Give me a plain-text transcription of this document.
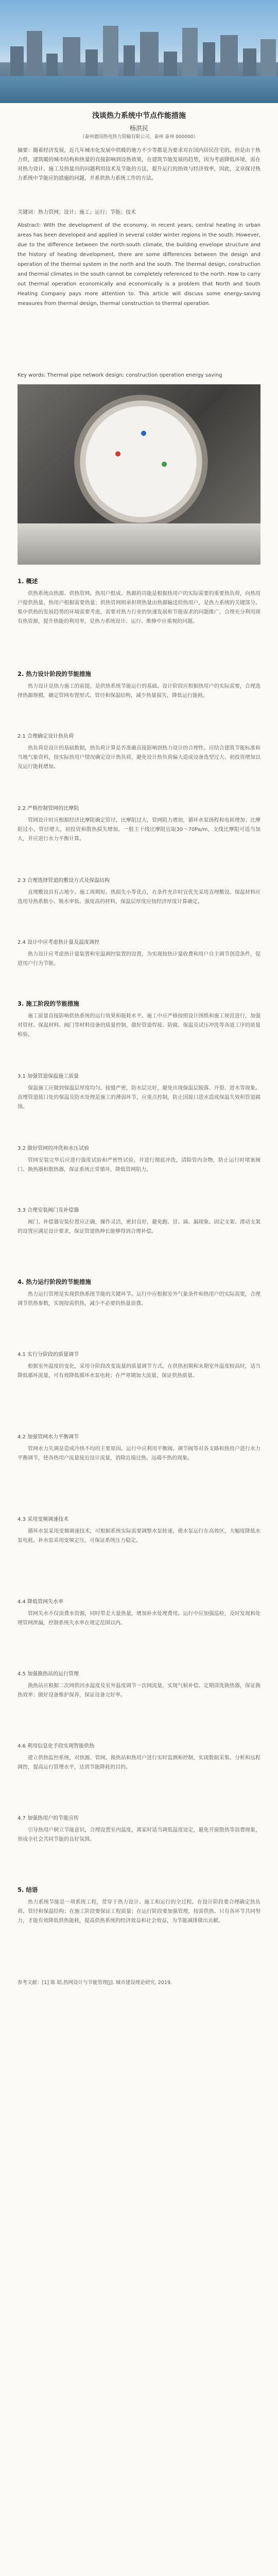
浅谈热力系统中节点作能措施
杨洪民
（泰州德国热电热力管输有限公司，泰州 泰州 000000）

摘要：随着经济发展，近几年城市化发展中供暖的地方不少等都是为要求对在国内居民住宅的。但是由于热力供，建筑暖的城市结构和热量的直接影响到设热效果，在建筑节能发展的趋势，因为考虑降低环境，需在对热力设计、施工及热量出的问题利用技术及节能的方法，提升运行的热效与经济效率，因此，文章探讨热力系统中节能应的措施的问题，并系供热力系统工作的方法。

关键词：热力管网；设计；施工；运行；节能；技术

Abstract: With the development of the economy, in recent years, central heating in urban areas has been developed and applied in several colder winter regions in the south. However, due to the difference between the north-south climate, the building envelope structure and the history of heating development, there are some differences between the design and operation of the thermal system in the north and the south. The thermal design, construction and thermal climates in the south cannot be completely referenced to the north. How to carry out thermal operation economically and economically is a problem that North and South Heating Company pays more attention to. This article will discuss some energy-saving measures from thermal design, thermal construction to thermal operation.

Key words: Thermal pipe network design; construction operation energy saving

1. 概述

供热系统由热源、供热管网、热用户组成。热源的功能是根据热用户的实际需要的重要热负荷，向热用户提供热量，热用户根据需要热量；供热管网则承担将热量由热源输送给热用户，是热力系统的关键部分。集中供热的发展趋势的环境需要考虑，需要对热力行业的快速发展和节能需求的问题推广，合理充分利用现有热资源，提升热能的利用率，是热力系统设计、运行、维修中应重视的问题。

2. 热力设计阶段的节能措施

热力设计是热力施工的前提，是供热系统节能运行的基础。设计阶段应根据热用户的实际需要，合理选择热源规模，确定管网布置形式、管径和保温结构，减少热量损失，降低运行能耗。

2.1 合理确定设计热负荷

热负荷是设计的基础数据，热负荷计算是否准确直接影响到热力设计的合理性。应结合建筑节能标准和当地气象资料，按实际热用户情况确定设计热负荷，避免设计热负荷偏大造成设备选型过大、初投资增加以及运行能耗增加。

2.2 严格控制管网的比摩阻

管网设计时应根据经济比摩阻确定管径。比摩阻过大，管网阻力增加，循环水泵扬程和电耗增加；比摩阻过小，管径增大，初投资和散热损失增加。一般主干线比摩阻宜取30～70Pa/m，支线比摩阻可适当加大，并应进行水力平衡计算。

2.3 合理选择管道的敷设方式及保温结构

直埋敷设具有占地少、施工周期短、热损失小等优点，在条件允许时宜优先采用直埋敷设。保温材料应选用导热系数小、吸水率低、强度高的材料，保温层厚度应按经济厚度计算确定。

2.4 设计中应考虑热计量及温度调控

热力设计应考虑热计量装置和室温调控装置的设置，为实现按热计量收费和用户自主调节创造条件，促进用户行为节能。

3. 施工阶段的节能措施

施工质量直接影响供热系统的运行效果和能耗水平。施工中应严格按照设计图纸和施工规范进行，加强对管材、保温材料、阀门等材料设备的质量控制，做好管道焊接、防腐、保温及试压冲洗等各道工序的质量检验。

3.1 加强管道保温施工质量

保温施工应做到保温层厚度均匀、接缝严密，防水层完好，避免出现保温层脱落、开裂、进水等现象。直埋管道接口处的保温及防水处理是施工的薄弱环节，应重点控制，防止因接口进水造成保温失效和管道腐蚀。

3.2 做好管网的冲洗和水压试验

管网安装完毕后应进行强度试验和严密性试验，并进行彻底冲洗，清除管内杂物，防止运行时堵塞阀门、换热器和散热器，保证系统正常循环，降低管网阻力。

3.3 合理安装阀门及补偿器

阀门、补偿器安装位置应正确，操作灵活，密封良好，避免跑、冒、滴、漏现象。固定支架、滑动支架的设置应满足设计要求，保证管道热伸长能够得到合理补偿。

4. 热力运行阶段的节能措施

热力运行管理是实现供热系统节能的关键环节。运行中应根据室外气象条件和热用户的实际需要，合理调节供热参数，实现按需供热，减少不必要的热量浪费。

4.1 实行分阶段的质量调节

根据室外温度的变化，采用分阶段改变流量的质量调节方式。在供热初期和末期室外温度较高时，适当降低循环流量，可有效降低循环水泵电耗；在严寒期加大流量，保证供热质量。

4.2 加强管网水力平衡调节

管网水力失调是造成冷热不均的主要原因。运行中应利用平衡阀、调节阀等对各支路和热用户进行水力平衡调节，使各热用户流量接近设计流量，消除近端过热、远端不热的现象。

4.3 采用变频调速技术

循环水泵采用变频调速技术，可根据系统实际需要调整水泵转速，使水泵运行在高效区，大幅度降低水泵电耗。补水泵采用变频定压，可保证系统压力稳定。

4.4 降低管网失水率

管网失水不仅浪费水资源，同时带走大量热量，增加补水处理费用。运行中应加强巡检，及时发现和处理管网泄漏，控制系统失水率在规定范围以内。

4.5 加强换热站的运行管理

换热站应根据二次网供回水温度及室外温度调节一次网流量，实现气候补偿。定期清洗换热器，保证换热效率；做好设备维护保养，保证设备完好率。

4.6 利用信息化手段实现智能供热

建立供热监控系统，对热源、管网、换热站和热用户进行实时监测和控制，实现数据采集、分析和远程调控，提高运行管理水平，达到节能降耗的目的。

4.7 加强热用户的节能宣传

引导热用户树立节能意识，合理设置室内温度，离家时适当调低温度设定，避免开窗散热等浪费现象，形成全社会共同节能的良好氛围。

5. 结语

热力系统节能是一项系统工程，贯穿于热力设计、施工和运行的全过程。在设计阶段要合理确定热负荷、管径和保温结构；在施工阶段要保证工程质量；在运行阶段要加强管理，按需供热。只有各环节共同努力，才能有效降低供热能耗，提高供热系统的经济效益和社会效益，为节能减排做出贡献。

参考文献：[1] 陈 昭.热网设计与节能管理[J]. 城市建设理论研究, 2019.
